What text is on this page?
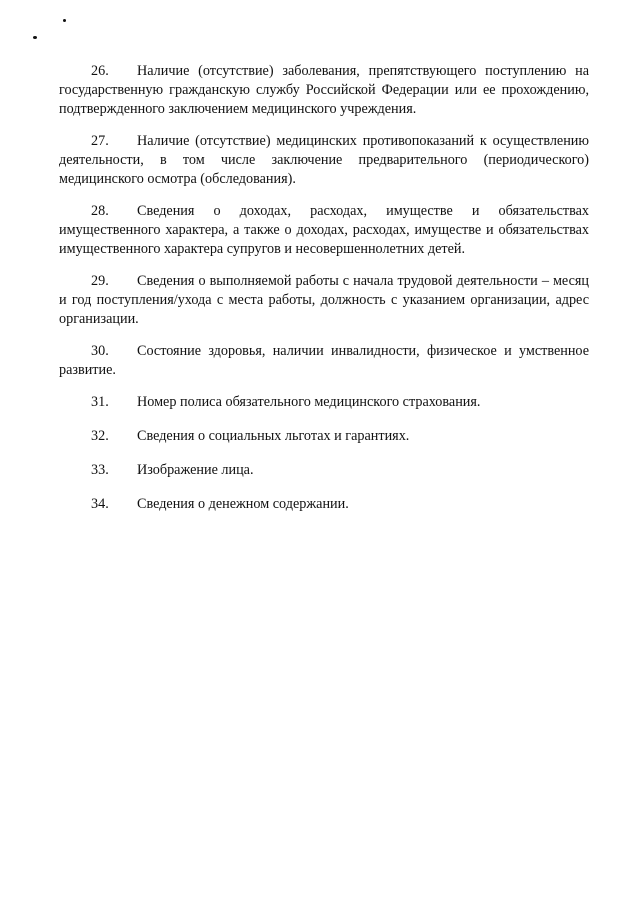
26. Наличие (отсутствие) заболевания, препятствующего поступлению на государственную гражданскую службу Российской Федерации или ее прохождению, подтвержденного заключением медицинского учреждения.
27. Наличие (отсутствие) медицинских противопоказаний к осуществлению деятельности, в том числе заключение предварительного (периодического) медицинского осмотра (обследования).
28. Сведения о доходах, расходах, имуществе и обязательствах имущественного характера, а также о доходах, расходах, имуществе и обязательствах имущественного характера супругов и несовершеннолетних детей.
29. Сведения о выполняемой работы с начала трудовой деятельности – месяц и год поступления/ухода с места работы, должность с указанием организации, адрес организации.
30. Состояние здоровья, наличии инвалидности, физическое и умственное развитие.
31. Номер полиса обязательного медицинского страхования.
32. Сведения о социальных льготах и гарантиях.
33. Изображение лица.
34. Сведения о денежном содержании.
